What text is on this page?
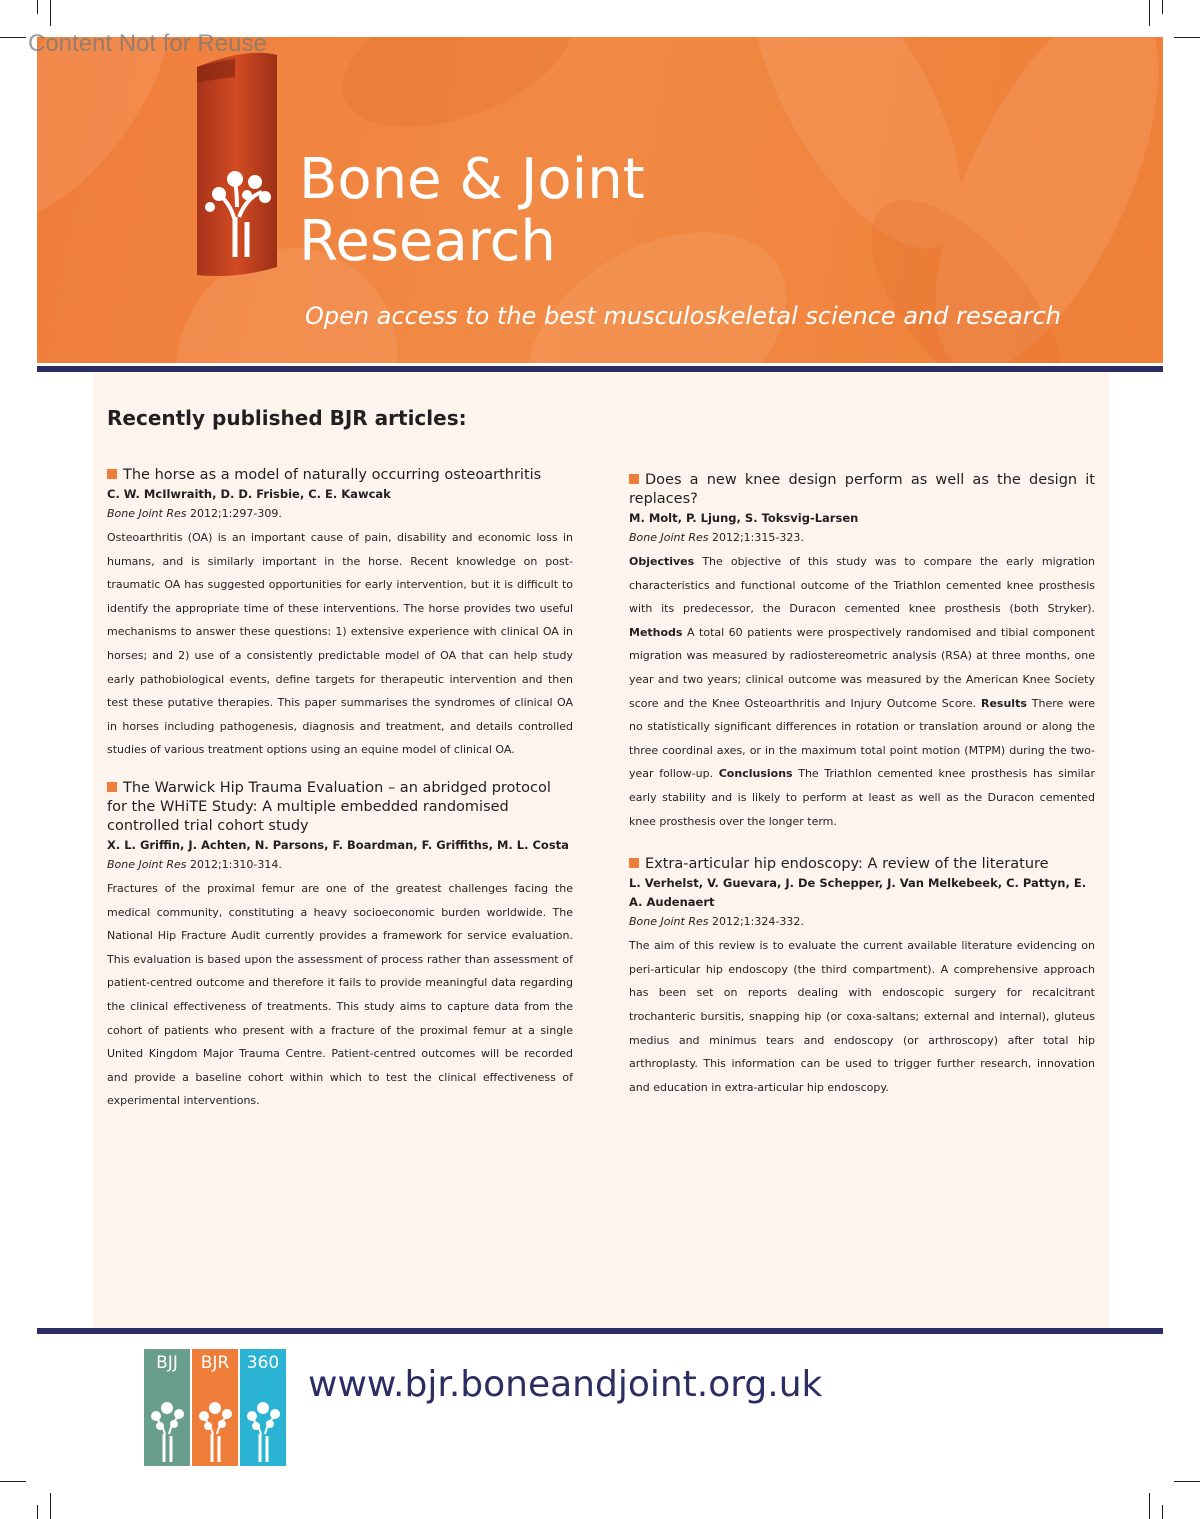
Bone & Joint
Research
Open access to the best musculoskeletal science and research
Recently published BJR articles:
The horse as a model of naturally occurring osteoarthritis
C. W. McIlwraith, D. D. Frisbie, C. E. Kawcak
Bone Joint Res 2012;1:297-309.
Osteoarthritis (OA) is an important cause of pain, disability and economic loss in humans, and is similarly important in the horse. Recent knowledge on post-traumatic OA has suggested opportunities for early intervention, but it is difficult to identify the appropriate time of these interventions. The horse provides two useful mechanisms to answer these questions: 1) extensive experience with clinical OA in horses; and 2) use of a consistently predictable model of OA that can help study early pathobiological events, define targets for therapeutic intervention and then test these putative therapies. This paper summarises the syndromes of clinical OA in horses including pathogenesis, diagnosis and treatment, and details controlled studies of various treatment options using an equine model of clinical OA.
The Warwick Hip Trauma Evaluation – an abridged protocol for the WHiTE Study: A multiple embedded randomised controlled trial cohort study
X. L. Griffin, J. Achten, N. Parsons, F. Boardman, F. Griffiths, M. L. Costa
Bone Joint Res 2012;1:310-314.
Fractures of the proximal femur are one of the greatest challenges facing the medical community, constituting a heavy socioeconomic burden worldwide. The National Hip Fracture Audit currently provides a framework for service evaluation. This evaluation is based upon the assessment of process rather than assessment of patient-centred outcome and therefore it fails to provide meaningful data regarding the clinical effectiveness of treatments. This study aims to capture data from the cohort of patients who present with a fracture of the proximal femur at a single United Kingdom Major Trauma Centre. Patient-centred outcomes will be recorded and provide a baseline cohort within which to test the clinical effectiveness of experimental interventions.
Does a new knee design perform as well as the design it replaces?
M. Molt, P. Ljung, S. Toksvig-Larsen
Bone Joint Res 2012;1:315-323.
Objectives The objective of this study was to compare the early migration characteristics and functional outcome of the Triathlon cemented knee prosthesis with its predecessor, the Duracon cemented knee prosthesis (both Stryker). Methods A total 60 patients were prospectively randomised and tibial component migration was measured by radiostereometric analysis (RSA) at three months, one year and two years; clinical outcome was measured by the American Knee Society score and the Knee Osteoarthritis and Injury Outcome Score. Results There were no statistically significant differences in rotation or translation around or along the three coordinal axes, or in the maximum total point motion (MTPM) during the two-year follow-up. Conclusions The Triathlon cemented knee prosthesis has similar early stability and is likely to perform at least as well as the Duracon cemented knee prosthesis over the longer term.
Extra-articular hip endoscopy: A review of the literature
L. Verhelst, V. Guevara, J. De Schepper, J. Van Melkebeek, C. Pattyn, E. A. Audenaert
Bone Joint Res 2012;1:324-332.
The aim of this review is to evaluate the current available literature evidencing on peri-articular hip endoscopy (the third compartment). A comprehensive approach has been set on reports dealing with endoscopic surgery for recalcitrant trochanteric bursitis, snapping hip (or coxa-saltans; external and internal), gluteus medius and minimus tears and endoscopy (or arthroscopy) after total hip arthroplasty. This information can be used to trigger further research, innovation and education in extra-articular hip endoscopy.
BJJ	BJR	360
www.bjr.boneandjoint.org.uk
Content Not for Reuse
